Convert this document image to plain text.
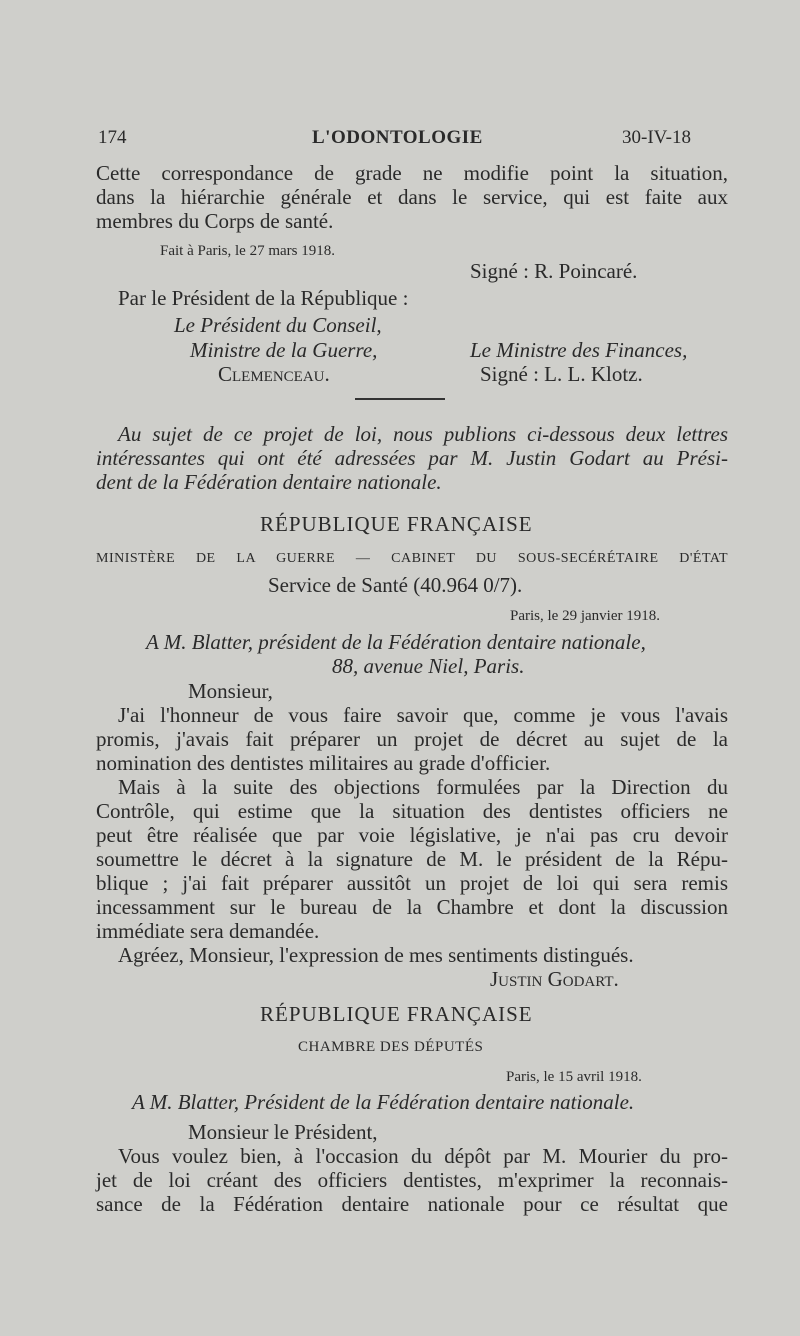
174	L'ODONTOLOGIE	30-IV-18
Cette correspondance de grade ne modifie point la situation,
dans la hiérarchie générale et dans le service, qui est faite aux
membres du Corps de santé.
Fait à Paris, le 27 mars 1918.
Signé : R. Poincaré.
Par le Président de la République :
Le Président du Conseil,
Ministre de la Guerre,
Clemenceau.
Le Ministre des Finances,
Signé : L. L. Klotz.
Au sujet de ce projet de loi, nous publions ci-dessous deux lettres
intéressantes qui ont été adressées par M. Justin Godart au Prési-
dent de la Fédération dentaire nationale.
RÉPUBLIQUE FRANÇAISE
MINISTÈRE DE LA GUERRE — CABINET DU SOUS-SECÉRÉTAIRE D'ÉTAT
Service de Santé (40.964 0/7).
Paris, le 29 janvier 1918.
A M. Blatter, président de la Fédération dentaire nationale,
88, avenue Niel, Paris.
Monsieur,
J'ai l'honneur de vous faire savoir que, comme je vous l'avais
promis, j'avais fait préparer un projet de décret au sujet de la
nomination des dentistes militaires au grade d'officier.
Mais à la suite des objections formulées par la Direction du
Contrôle, qui estime que la situation des dentistes officiers ne
peut être réalisée que par voie législative, je n'ai pas cru devoir
soumettre le décret à la signature de M. le président de la Répu-
blique ; j'ai fait préparer aussitôt un projet de loi qui sera remis
incessamment sur le bureau de la Chambre et dont la discussion
immédiate sera demandée.
Agréez, Monsieur, l'expression de mes sentiments distingués.
Justin Godart.
RÉPUBLIQUE FRANÇAISE
CHAMBRE DES DÉPUTÉS
Paris, le 15 avril 1918.
A M. Blatter, Président de la Fédération dentaire nationale.
Monsieur le Président,
Vous voulez bien, à l'occasion du dépôt par M. Mourier du pro-
jet de loi créant des officiers dentistes, m'exprimer la reconnais-
sance de la Fédération dentaire nationale pour ce résultat que
